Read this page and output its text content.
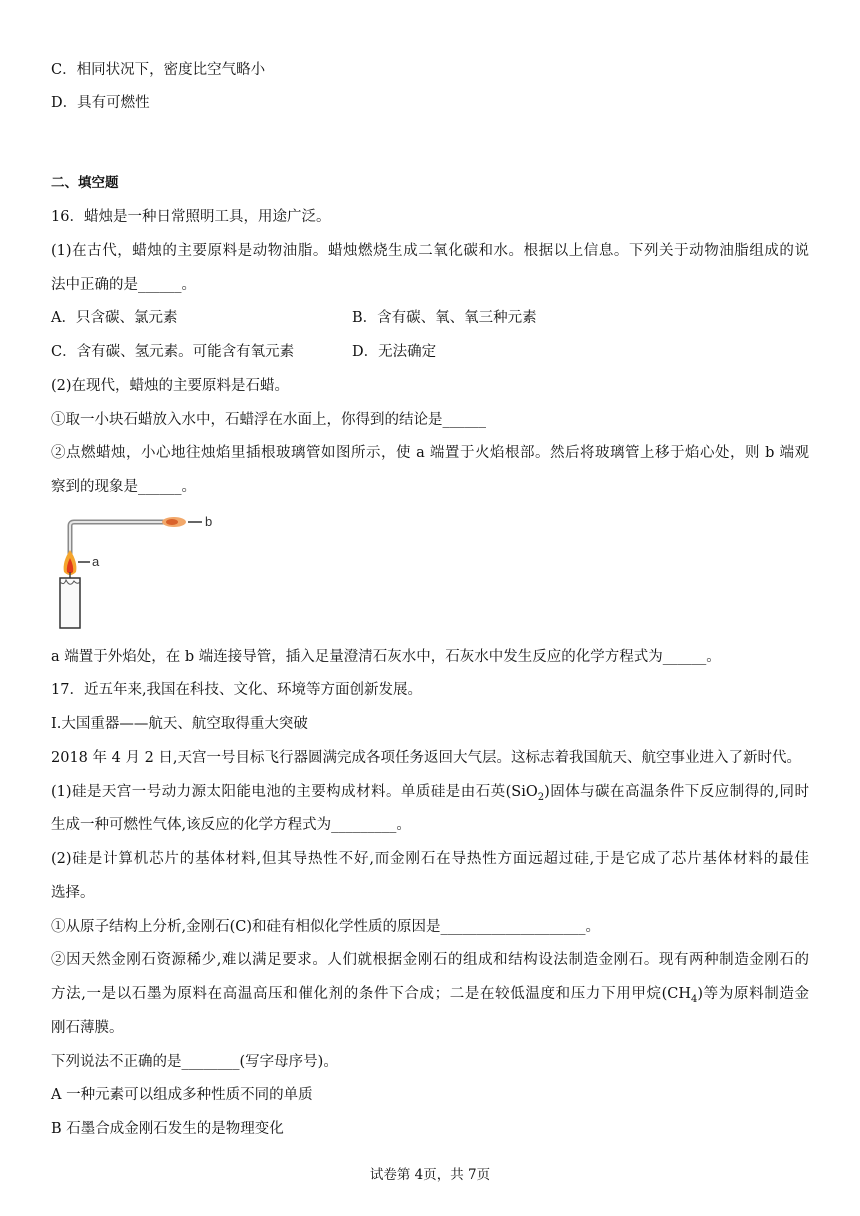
C．相同状况下，密度比空气略小
D．具有可燃性
二、填空题
16．蜡烛是一种日常照明工具，用途广泛。
(1)在古代，蜡烛的主要原料是动物油脂。蜡烛燃烧生成二氧化碳和水。根据以上信息。下列关于动物油脂组成的说
法中正确的是______。
A．只含碳、氯元素	B．含有碳、氧、氧三种元素
C．含有碳、氢元素。可能含有氧元素	D．无法确定
(2)在现代，蜡烛的主要原料是石蜡。
①取一小块石蜡放入水中，石蜡浮在水面上，你得到的结论是______
②点燃蜡烛，小心地往烛焰里插根玻璃管如图所示，使 a 端置于火焰根部。然后将玻璃管上移于焰心处，则 b 端观
察到的现象是______。
a
b
a 端置于外焰处，在 b 端连接导管，插入足量澄清石灰水中，石灰水中发生反应的化学方程式为______。
17．近五年来,我国在科技、文化、环境等方面创新发展。
I.大国重器——航天、航空取得重大突破
2018 年 4 月 2 日,天宫一号目标飞行器圆满完成各项任务返回大气层。这标志着我国航天、航空事业进入了新时代。
(1)硅是天宫一号动力源太阳能电池的主要构成材料。单质硅是由石英(SiO$_2$)固体与碳在高温条件下反应制得的,同时
生成一种可燃性气体,该反应的化学方程式为_________。
(2)硅是计算机芯片的基体材料,但其导热性不好,而金刚石在导热性方面远超过硅,于是它成了芯片基体材料的最佳
选择。
①从原子结构上分析,金刚石(C)和硅有相似化学性质的原因是____________________。
②因天然金刚石资源稀少,难以满足要求。人们就根据金刚石的组成和结构设法制造金刚石。现有两种制造金刚石的
方法,一是以石墨为原料在高温高压和催化剂的条件下合成；二是在较低温度和压力下用甲烷$(CH_4)$等为原料制造金
刚石薄膜。
下列说法不正确的是________(写字母序号)。
A 一种元素可以组成多种性质不同的单质
B 石墨合成金刚石发生的是物理变化
试卷第 4页，共 7页
